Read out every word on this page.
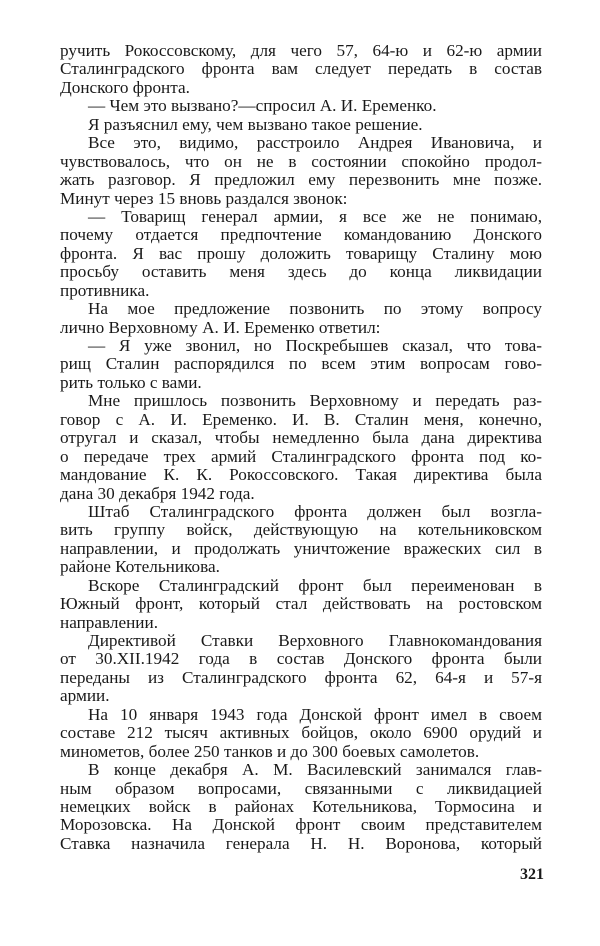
ручить Рокоссовскому, для чего 57, 64-ю и 62-ю армии
Сталинградского фронта вам следует передать в состав
Донского фронта.
— Чем это вызвано?—спросил А. И. Еременко.
Я разъяснил ему, чем вызвано такое решение.
Все это, видимо, расстроило Андрея Ивановича, и
чувствовалось, что он не в состоянии спокойно продол-
жать разговор. Я предложил ему перезвонить мне позже.
Минут через 15 вновь раздался звонок:
— Товарищ генерал армии, я все же не понимаю,
почему отдается предпочтение командованию Донского
фронта. Я вас прошу доложить товарищу Сталину мою
просьбу оставить меня здесь до конца ликвидации
противника.
На мое предложение позвонить по этому вопросу
лично Верховному А. И. Еременко ответил:
— Я уже звонил, но Поскребышев сказал, что това-
рищ Сталин распорядился по всем этим вопросам гово-
рить только с вами.
Мне пришлось позвонить Верховному и передать раз-
говор с А. И. Еременко. И. В. Сталин меня, конечно,
отругал и сказал, чтобы немедленно была дана директива
о передаче трех армий Сталинградского фронта под ко-
мандование К. К. Рокоссовского. Такая директива была
дана 30 декабря 1942 года.
Штаб Сталинградского фронта должен был возгла-
вить группу войск, действующую на котельниковском
направлении, и продолжать уничтожение вражеских сил в
районе Котельникова.
Вскоре Сталинградский фронт был переименован в
Южный фронт, который стал действовать на ростовском
направлении.
Директивой Ставки Верховного Главнокомандования
от 30.XII.1942 года в состав Донского фронта были
переданы из Сталинградского фронта 62, 64-я и 57-я
армии.
На 10 января 1943 года Донской фронт имел в своем
составе 212 тысяч активных бойцов, около 6900 орудий и
минометов, более 250 танков и до 300 боевых самолетов.
В конце декабря А. М. Василевский занимался глав-
ным образом вопросами, связанными с ликвидацией
немецких войск в районах Котельникова, Тормосина и
Морозовска. На Донской фронт своим представителем
Ставка назначила генерала Н. Н. Воронова, который
321
